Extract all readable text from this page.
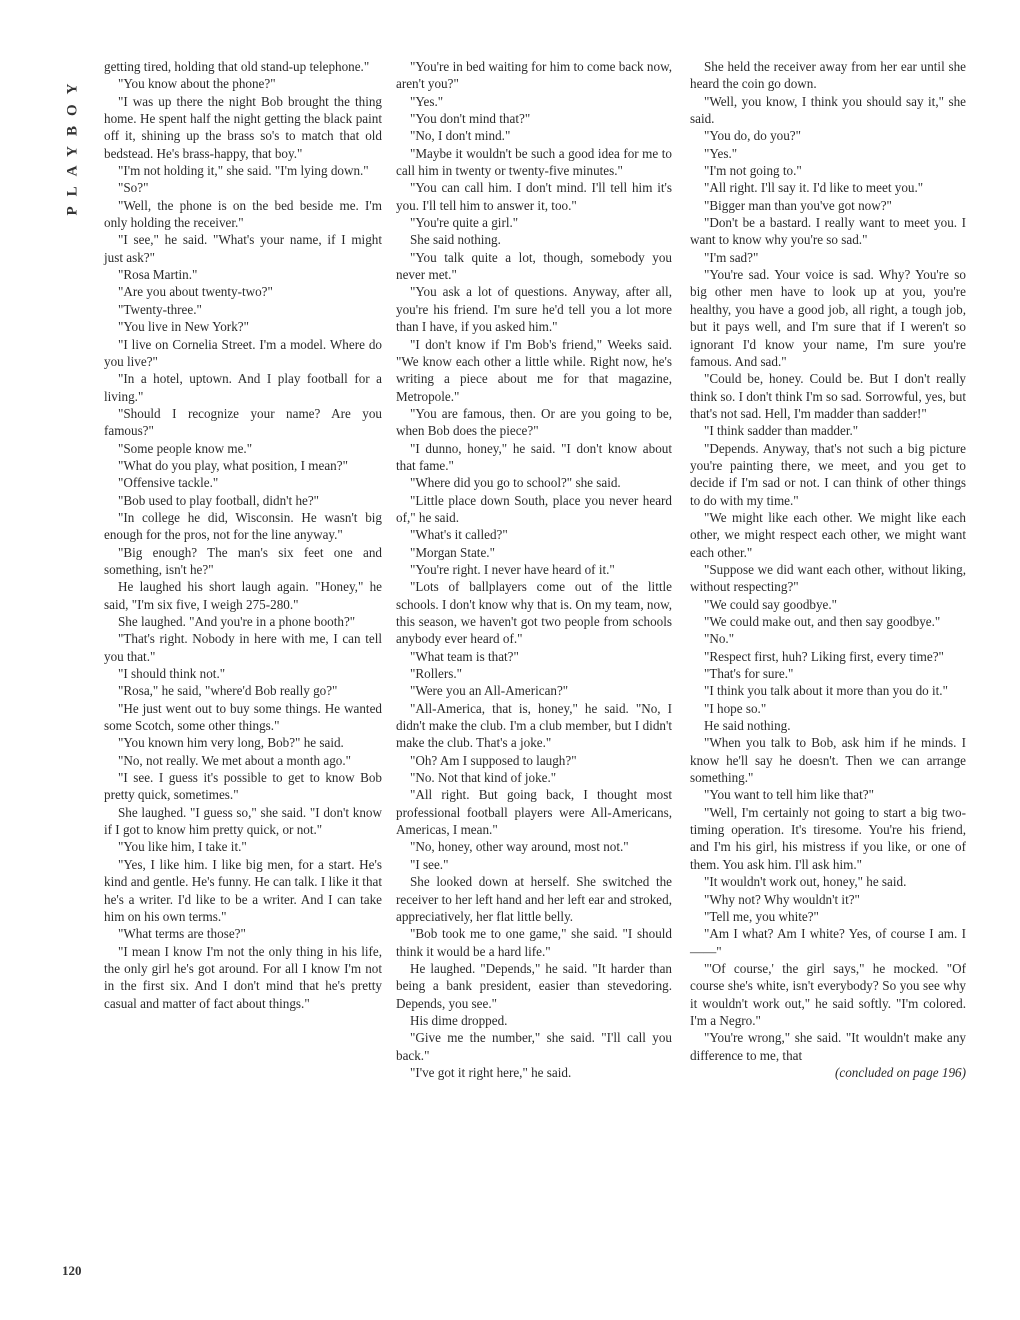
PLAYBOY

getting tired, holding that old stand-up telephone."

"You know about the phone?"

"I was up there the night Bob brought the thing home. He spent half the night getting the black paint off it, shining up the brass so's to match that old bedstead. He's brass-happy, that boy."

"I'm not holding it," she said. "I'm lying down."

"So?"

"Well, the phone is on the bed beside me. I'm only holding the receiver."

"I see," he said. "What's your name, if I might just ask?"

"Rosa Martin."

"Are you about twenty-two?"

"Twenty-three."

"You live in New York?"

"I live on Cornelia Street. I'm a model. Where do you live?"

"In a hotel, uptown. And I play football for a living."

"Should I recognize your name? Are you famous?"

"Some people know me."

"What do you play, what position, I mean?"

"Offensive tackle."

"Bob used to play football, didn't he?"

"In college he did, Wisconsin. He wasn't big enough for the pros, not for the line anyway."

"Big enough? The man's six feet one and something, isn't he?"

He laughed his short laugh again. "Honey," he said, "I'm six five, I weigh 275-280."

She laughed. "And you're in a phone booth?"

"That's right. Nobody in here with me, I can tell you that."

"I should think not."

"Rosa," he said, "where'd Bob really go?"

"He just went out to buy some things. He wanted some Scotch, some other things."

"You known him very long, Bob?" he said.

"No, not really. We met about a month ago."

"I see. I guess it's possible to get to know Bob pretty quick, sometimes."

She laughed. "I guess so," she said. "I don't know if I got to know him pretty quick, or not."

"You like him, I take it."

"Yes, I like him. I like big men, for a start. He's kind and gentle. He's funny. He can talk. I like it that he's a writer. I'd like to be a writer. And I can take him on his own terms."

"What terms are those?"

"I mean I know I'm not the only thing in his life, the only girl he's got around. For all I know I'm not in the first six. And I don't mind that he's pretty casual and matter of fact about things."

"You're in bed waiting for him to come back now, aren't you?"

"Yes."

"You don't mind that?"

"No, I don't mind."

"Maybe it wouldn't be such a good idea for me to call him in twenty or twenty-five minutes."

"You can call him. I don't mind. I'll tell him it's you. I'll tell him to answer it, too."

"You're quite a girl."

She said nothing.

"You talk quite a lot, though, somebody you never met."

"You ask a lot of questions. Anyway, after all, you're his friend. I'm sure he'd tell you a lot more than I have, if you asked him."

"I don't know if I'm Bob's friend," Weeks said. "We know each other a little while. Right now, he's writing a piece about me for that magazine, Metropole."

"You are famous, then. Or are you going to be, when Bob does the piece?"

"I dunno, honey," he said. "I don't know about that fame."

"Where did you go to school?" she said.

"Little place down South, place you never heard of," he said.

"What's it called?"

"Morgan State."

"You're right. I never have heard of it."

"Lots of ballplayers come out of the little schools. I don't know why that is. On my team, now, this season, we haven't got two people from schools anybody ever heard of."

"What team is that?"

"Rollers."

"Were you an All-American?"

"All-America, that is, honey," he said. "No, I didn't make the club. I'm a club member, but I didn't make the club. That's a joke."

"Oh? Am I supposed to laugh?"

"No. Not that kind of joke."

"All right. But going back, I thought most professional football players were All-Americans, Americas, I mean."

"No, honey, other way around, most not."

"I see."

She looked down at herself. She switched the receiver to her left hand and her left ear and stroked, appreciatively, her flat little belly.

"Bob took me to one game," she said. "I should think it would be a hard life."

He laughed. "Depends," he said. "It harder than being a bank president, easier than stevedoring. Depends, you see."

His dime dropped.

"Give me the number," she said. "I'll call you back."

"I've got it right here," he said.

She held the receiver away from her ear until she heard the coin go down.

"Well, you know, I think you should say it," she said.

"You do, do you?"

"Yes."

"I'm not going to."

"All right. I'll say it. I'd like to meet you."

"Bigger man than you've got now?"

"Don't be a bastard. I really want to meet you. I want to know why you're so sad."

"I'm sad?"

"You're sad. Your voice is sad. Why? You're so big other men have to look up at you, you're healthy, you have a good job, all right, a tough job, but it pays well, and I'm sure that if I weren't so ignorant I'd know your name, I'm sure you're famous. And sad."

"Could be, honey. Could be. But I don't really think so. I don't think I'm so sad. Sorrowful, yes, but that's not sad. Hell, I'm madder than sadder!"

"I think sadder than madder."

"Depends. Anyway, that's not such a big picture you're painting there, we meet, and you get to decide if I'm sad or not. I can think of other things to do with my time."

"We might like each other. We might like each other, we might respect each other, we might want each other."

"Suppose we did want each other, without liking, without respecting?"

"We could say goodbye."

"We could make out, and then say goodbye."

"No."

"Respect first, huh? Liking first, every time?"

"That's for sure."

"I think you talk about it more than you do it."

"I hope so."

He said nothing.

"When you talk to Bob, ask him if he minds. I know he'll say he doesn't. Then we can arrange something."

"You want to tell him like that?"

"Well, I'm certainly not going to start a big two-timing operation. It's tiresome. You're his friend, and I'm his girl, his mistress if you like, or one of them. You ask him. I'll ask him."

"It wouldn't work out, honey," he said.

"Why not? Why wouldn't it?"

"Tell me, you white?"

"Am I what? Am I white? Yes, of course I am. I——"

"'Of course,' the girl says," he mocked. "Of course she's white, isn't everybody? So you see why it wouldn't work out," he said softly. "I'm colored. I'm a Negro."

"You're wrong," she said. "It wouldn't make any difference to me, that

(concluded on page 196)

120
